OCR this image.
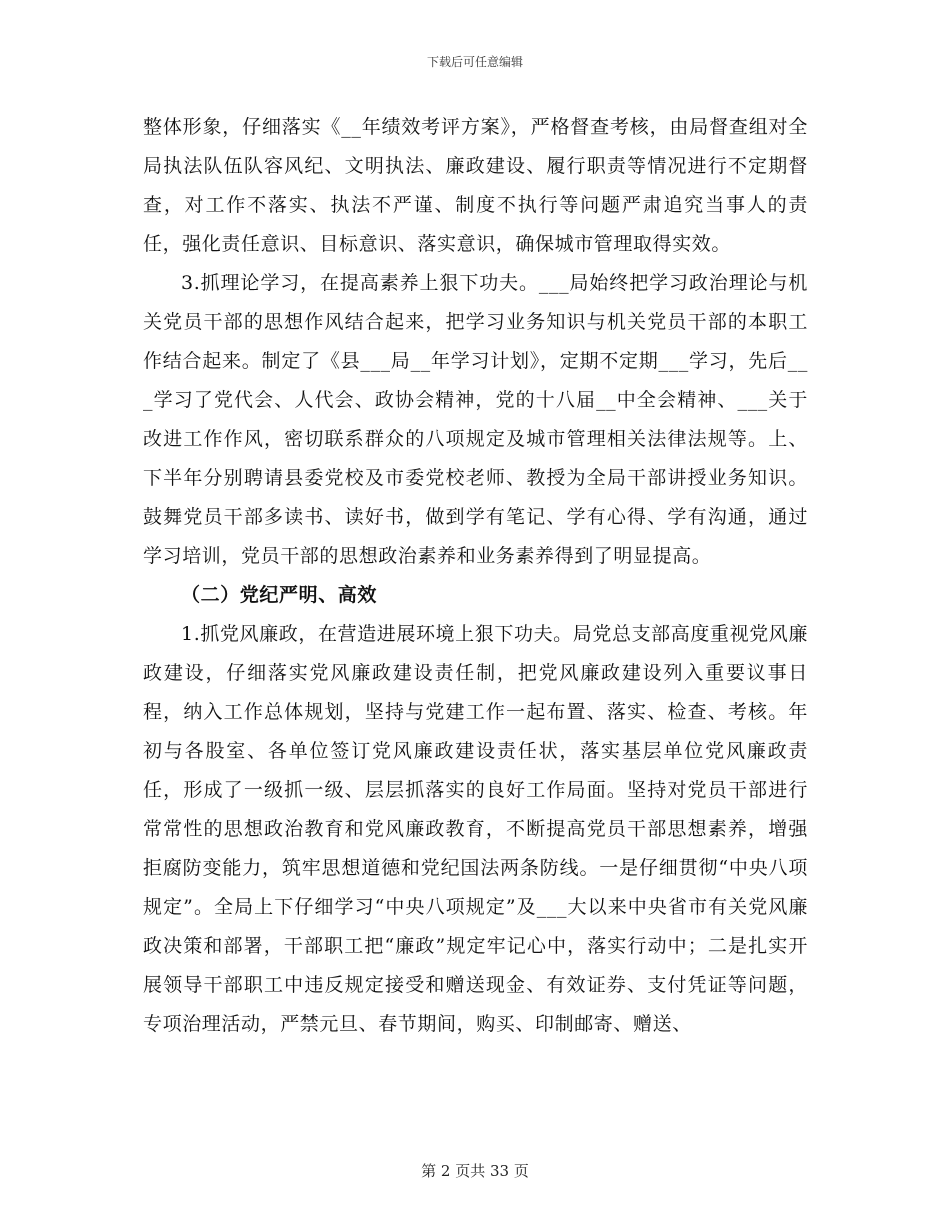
下载后可任意编辑

整体形象，仔细落实《__年绩效考评方案》，严格督查考核，由局督查组对全局执法队伍队容风纪、文明执法、廉政建设、履行职责等情况进行不定期督查，对工作不落实、执法不严谨、制度不执行等问题严肃追究当事人的责任，强化责任意识、目标意识、落实意识，确保城市管理取得实效。

3.抓理论学习，在提高素养上狠下功夫。___局始终把学习政治理论与机关党员干部的思想作风结合起来，把学习业务知识与机关党员干部的本职工作结合起来。制定了《县___局__年学习计划》，定期不定期___学习，先后___学习了党代会、人代会、政协会精神，党的十八届__中全会精神、___关于改进工作作风，密切联系群众的八项规定及城市管理相关法律法规等。上、下半年分别聘请县委党校及市委党校老师、教授为全局干部讲授业务知识。鼓舞党员干部多读书、读好书，做到学有笔记、学有心得、学有沟通，通过学习培训，党员干部的思想政治素养和业务素养得到了明显提高。

（二）党纪严明、高效

1.抓党风廉政，在营造进展环境上狠下功夫。局党总支部高度重视党风廉政建设，仔细落实党风廉政建设责任制，把党风廉政建设列入重要议事日程，纳入工作总体规划，坚持与党建工作一起布置、落实、检查、考核。年初与各股室、各单位签订党风廉政建设责任状，落实基层单位党风廉政责任，形成了一级抓一级、层层抓落实的良好工作局面。坚持对党员干部进行常常性的思想政治教育和党风廉政教育，不断提高党员干部思想素养，增强拒腐防变能力，筑牢思想道德和党纪国法两条防线。一是仔细贯彻“中央八项规定”。全局上下仔细学习“中央八项规定”及___大以来中央省市有关党风廉政决策和部署，干部职工把“廉政”规定牢记心中，落实行动中；二是扎实开展领导干部职工中违反规定接受和赠送现金、有效证券、支付凭证等问题，专项治理活动，严禁元旦、春节期间，购买、印制邮寄、赠送、

第 2 页共 33 页
